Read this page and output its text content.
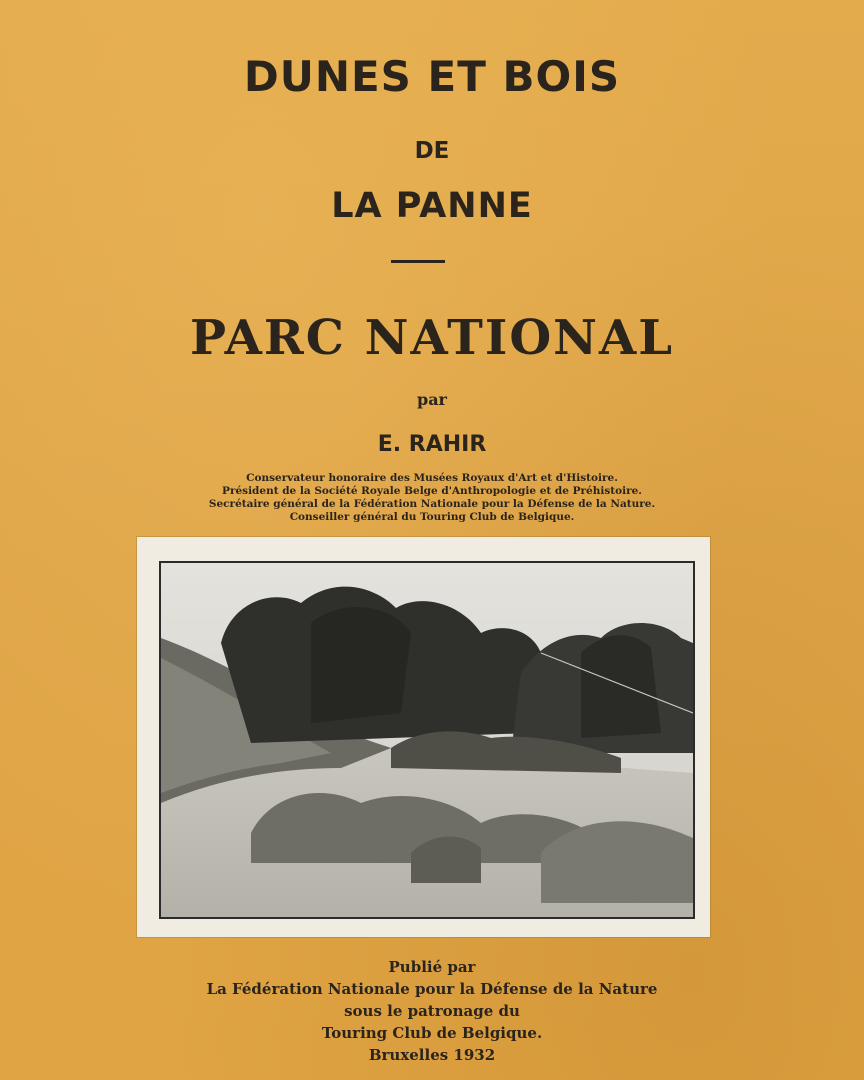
DUNES ET BOIS
DE
LA PANNE
PARC NATIONAL
par
E. RAHIR
Conservateur honoraire des Musées Royaux d'Art et d'Histoire.
Président de la Société Royale Belge d'Anthropologie et de Préhistoire.
Secrétaire général de la Fédération Nationale pour la Défense de la Nature.
Conseiller général du Touring Club de Belgique.
Publié par
La Fédération Nationale pour la Défense de la Nature
sous le patronage du
Touring Club de Belgique.
Bruxelles 1932
